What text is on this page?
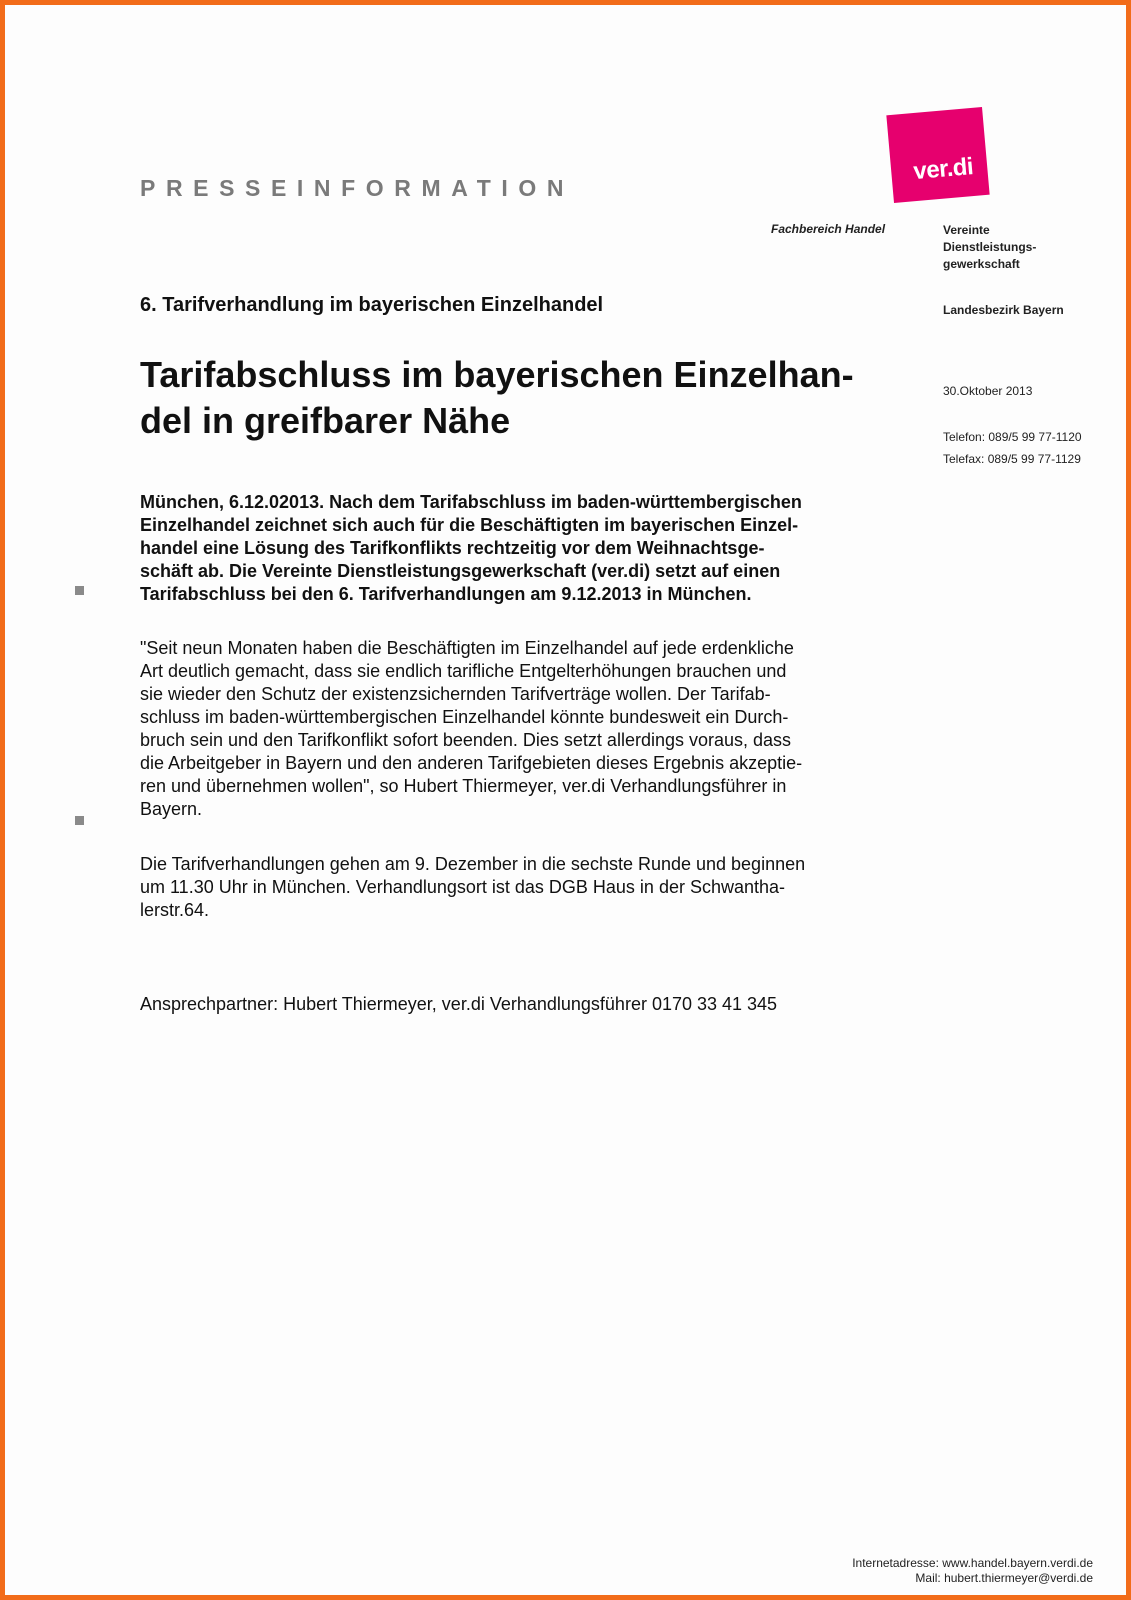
ver.di
PRESSEINFORMATION
Fachbereich Handel	Vereinte
Dienstleistungs-
gewerkschaft
Landesbezirk Bayern
30.Oktober 2013
Telefon: 089/5 99 77-1120
Telefax: 089/5 99 77-1129
6. Tarifverhandlung im bayerischen Einzelhandel
Tarifabschluss im bayerischen Einzelhan-
del in greifbarer Nähe
München, 6.12.02013. Nach dem Tarifabschluss im baden-württembergischen
Einzelhandel zeichnet sich auch für die Beschäftigten im bayerischen Einzel-
handel eine Lösung des Tarifkonflikts rechtzeitig vor dem Weihnachtsge-
schäft ab. Die Vereinte Dienstleistungsgewerkschaft (ver.di) setzt auf einen
Tarifabschluss bei den 6. Tarifverhandlungen am 9.12.2013 in München.
"Seit neun Monaten haben die Beschäftigten im Einzelhandel auf jede erdenkliche
Art deutlich gemacht, dass sie endlich tarifliche Entgelterhöhungen brauchen und
sie wieder den Schutz der existenzsichernden Tarifverträge wollen. Der Tarifab-
schluss im baden-württembergischen Einzelhandel könnte bundesweit ein Durch-
bruch sein und den Tarifkonflikt sofort beenden. Dies setzt allerdings voraus, dass
die Arbeitgeber in Bayern und den anderen Tarifgebieten dieses Ergebnis akzeptie-
ren und übernehmen wollen", so Hubert Thiermeyer, ver.di Verhandlungsführer in
Bayern.
Die Tarifverhandlungen gehen am 9. Dezember in die sechste Runde und beginnen
um 11.30 Uhr in München. Verhandlungsort ist das DGB Haus in der Schwantha-
lerstr.64.
Ansprechpartner: Hubert Thiermeyer, ver.di Verhandlungsführer 0170 33 41 345
Internetadresse: www.handel.bayern.verdi.de
Mail: hubert.thiermeyer@verdi.de
